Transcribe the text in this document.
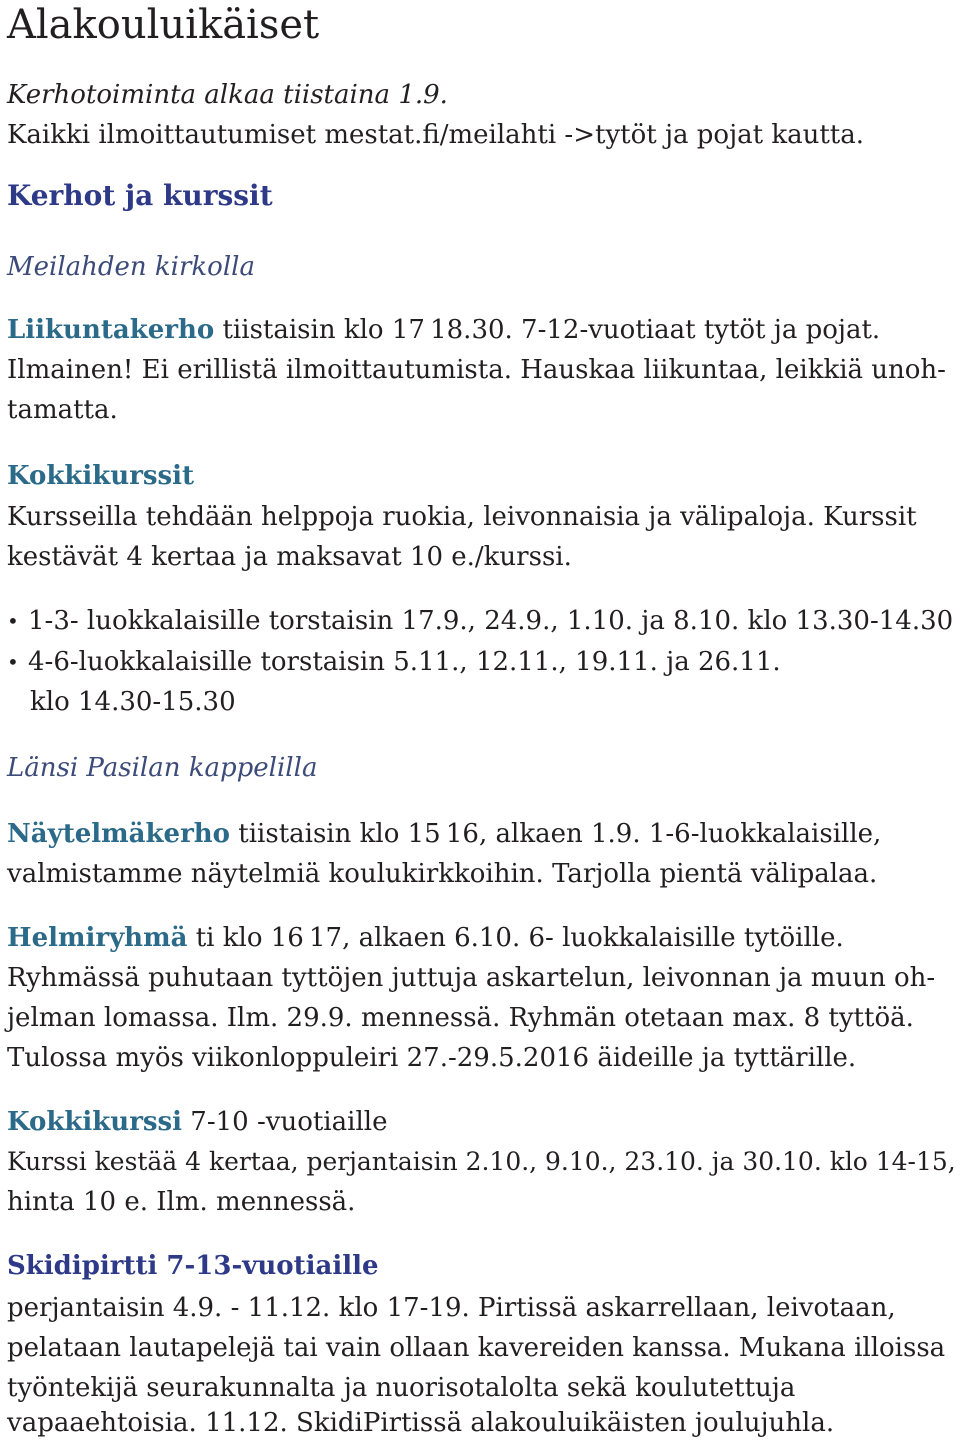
Alakouluikäiset

Kerhotoiminta alkaa tiistaina 1.9.

Kaikki ilmoittautumiset mestat.fi/meilahti ->tytöt ja pojat kautta.

Kerhot ja kurssit

Meilahden kirkolla

Liikuntakerho tiistaisin klo 17  18.30. 7-12-vuotiaat tytöt ja pojat.

Ilmainen! Ei erillistä ilmoittautumista. Hauskaa liikuntaa, leikkiä unoh-

tamatta.

Kokkikurssit

Kursseilla tehdään helppoja ruokia, leivonnaisia ja välipaloja. Kurssit

kestävät 4 kertaa ja maksavat 10 e./kurssi.

• 1-3- luokkalaisille torstaisin 17.9., 24.9., 1.10. ja 8.10. klo 13.30-14.30

• 4-6-luokkalaisille torstaisin 5.11., 12.11., 19.11. ja 26.11.

klo 14.30-15.30

Länsi Pasilan kappelilla

Näytelmäkerho tiistaisin klo 15  16, alkaen 1.9. 1-6-luokkalaisille,

valmistamme näytelmiä koulukirkkoihin. Tarjolla pientä välipalaa.

Helmiryhmä ti klo 16  17, alkaen 6.10. 6- luokkalaisille tytöille.

Ryhmässä puhutaan tyttöjen juttuja askartelun, leivonnan ja muun oh-

jelman lomassa. Ilm. 29.9. mennessä. Ryhmän otetaan max. 8 tyttöä.

Tulossa myös viikonloppuleiri 27.-29.5.2016 äideille ja tyttärille.

Kokkikurssi 7-10 -vuotiaille

Kurssi kestää 4 kertaa, perjantaisin 2.10., 9.10., 23.10. ja 30.10. klo 14-15,

hinta 10 e. Ilm. mennessä.

Skidipirtti 7-13-vuotiaille

perjantaisin 4.9. - 11.12. klo 17-19. Pirtissä askarrellaan, leivotaan,

pelataan lautapelejä tai vain ollaan kavereiden kanssa. Mukana illoissa

työntekijä seurakunnalta ja nuorisotalolta sekä koulutettuja

vapaaehtoisia. 11.12. SkidiPirtissä alakouluikäisten joulujuhla.
